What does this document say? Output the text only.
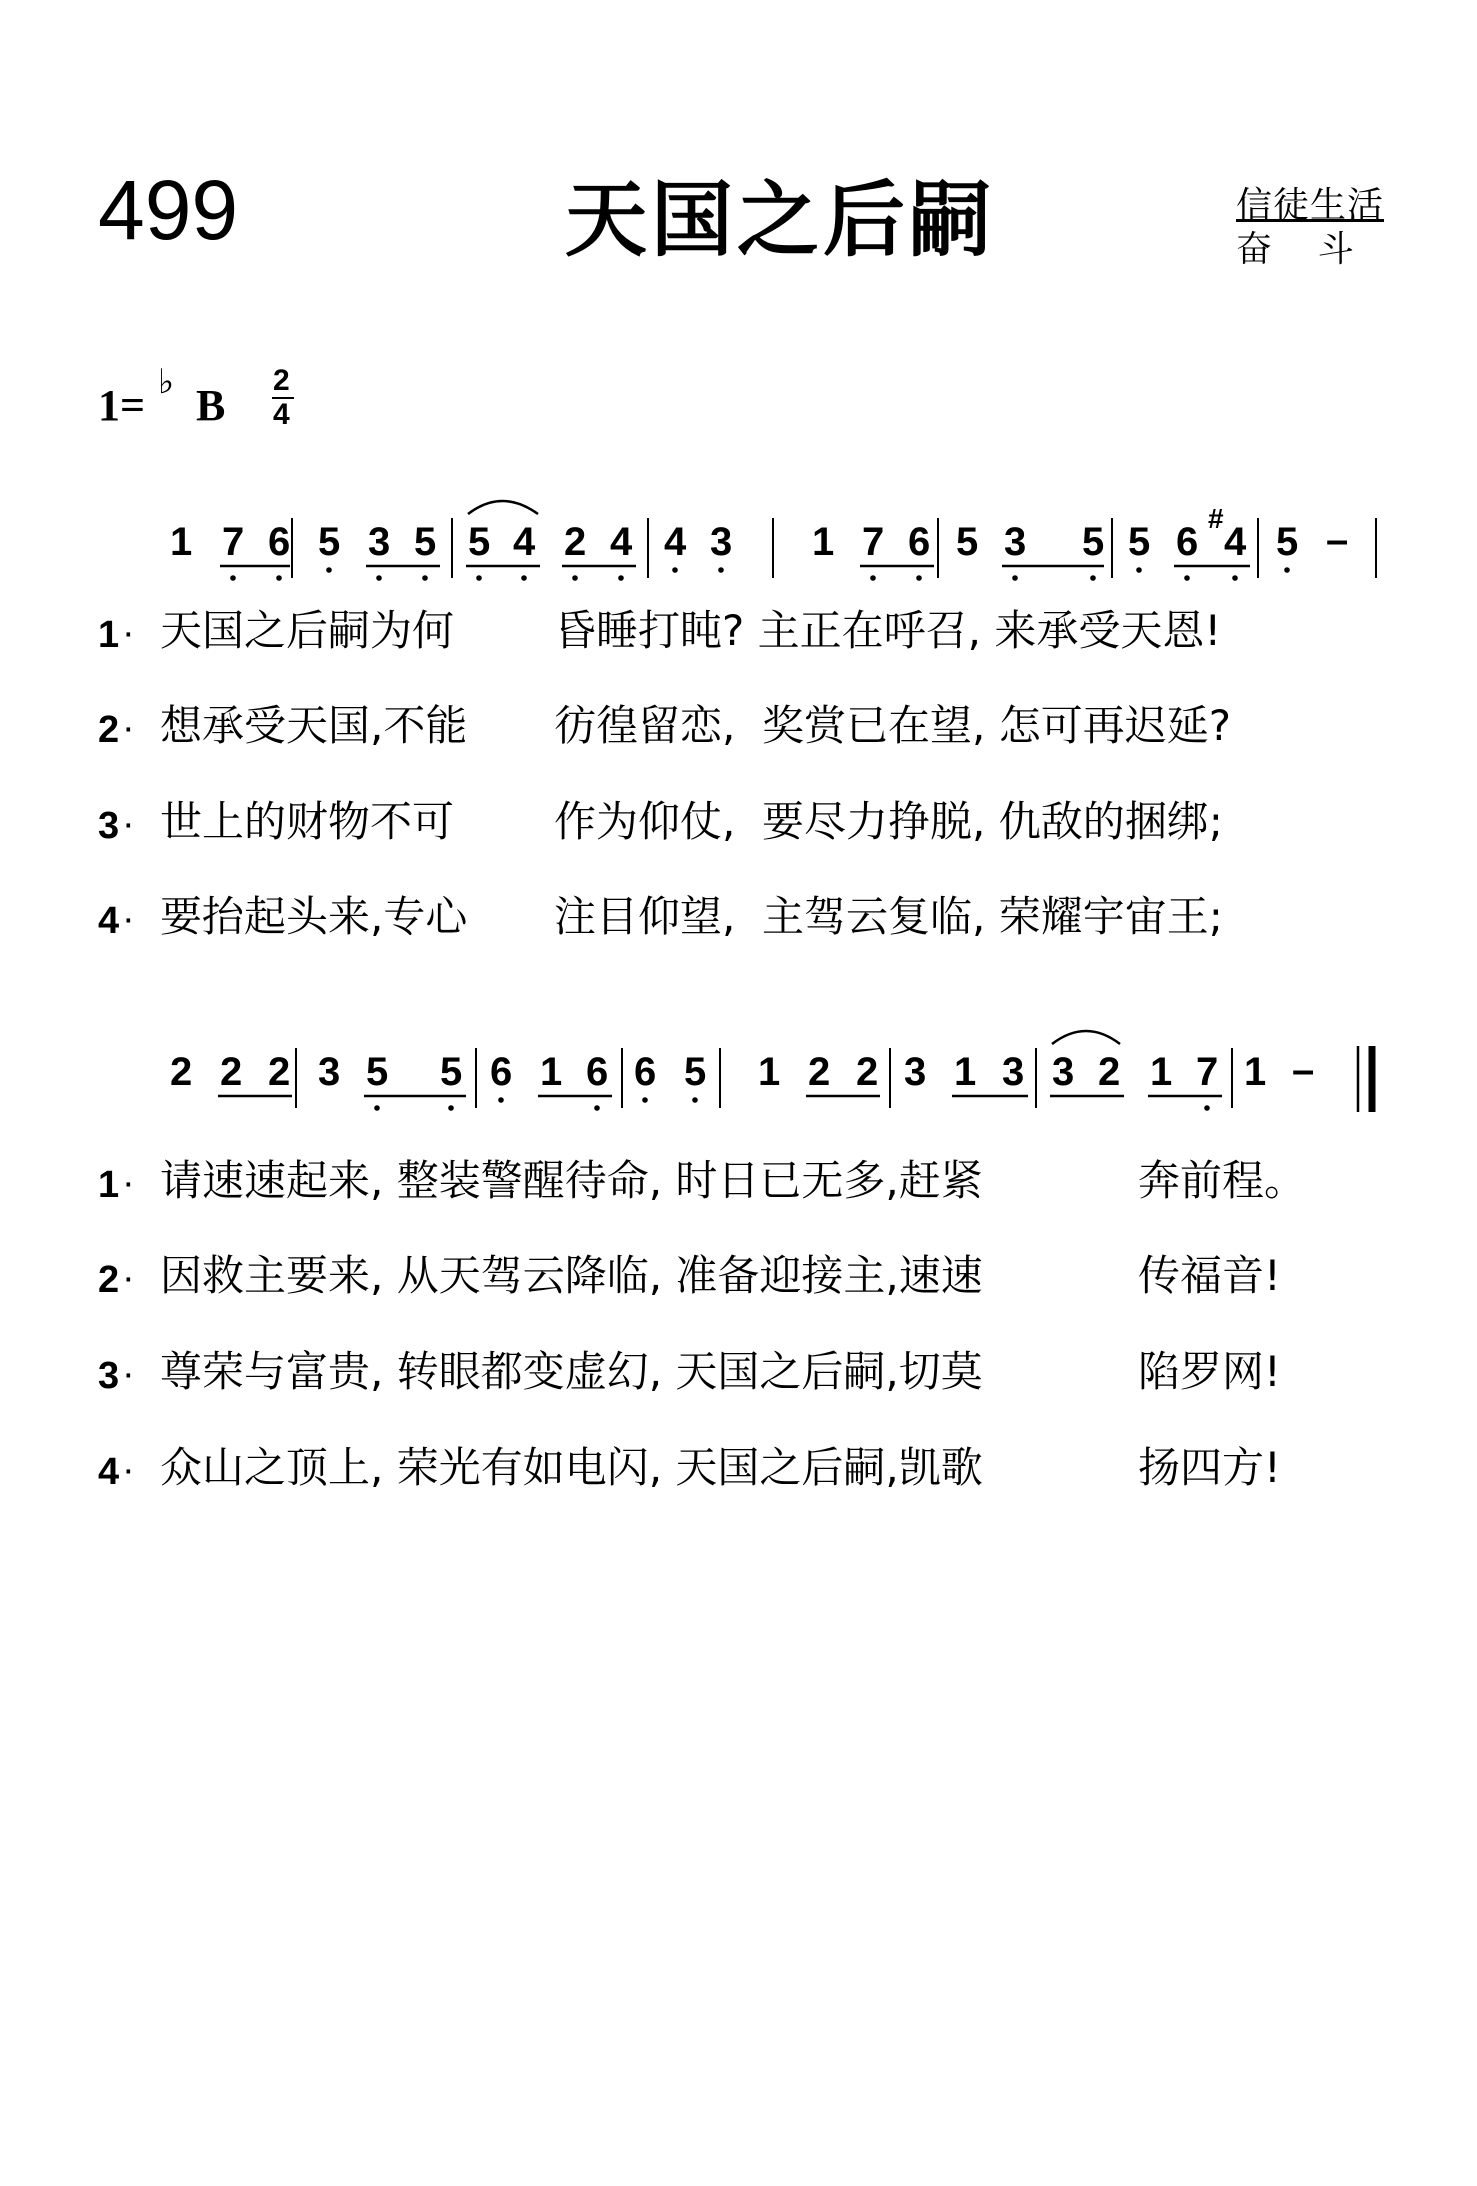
499	天国之后嗣	信徒生活
奋    斗
1= ♭ B
2
4
1 7 6 5 3 5 5 4 2 4 4 3 1 7 6 5 3 5 5 6
#
4 5 –
2 2 2 3 5 5 6 1 6 6 5 1 2 2 3 1 3 3 2 1 7 1 –
1 · 天国之后嗣为何 昏睡打盹? 主正在呼召, 来承受天恩!
2 · 想承受天国,不能 彷徨留恋,  奖赏已在望, 怎可再迟延?
3 · 世上的财物不可 作为仰仗,  要尽力挣脱, 仇敌的捆绑;
4 · 要抬起头来,专心 注目仰望,  主驾云复临, 荣耀宇宙王;
1 · 请速速起来, 整装警醒待命, 时日已无多,赶紧	奔前程。
2 · 因救主要来, 从天驾云降临, 准备迎接主,速速	传福音!
3 · 尊荣与富贵, 转眼都变虚幻, 天国之后嗣,切莫	陷罗网!
4 · 众山之顶上, 荣光有如电闪, 天国之后嗣,凯歌	扬四方!
